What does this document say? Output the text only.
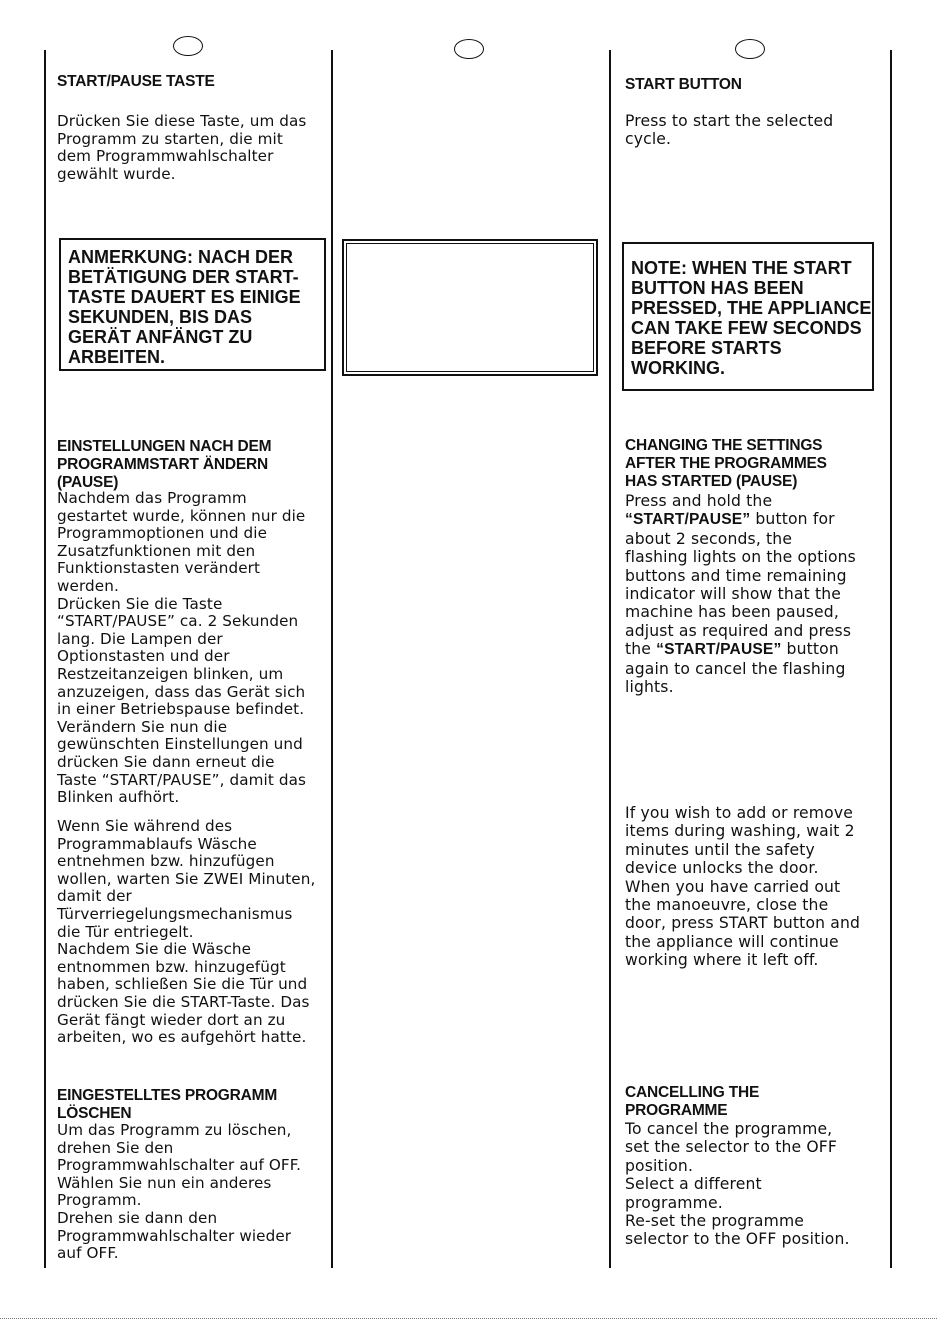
START/PAUSE TASTE
Drücken Sie diese Taste, um das
Programm zu starten, die mit
dem Programmwahlschalter
gewählt wurde.
ANMERKUNG: NACH DER
BETÄTIGUNG DER START-
TASTE DAUERT ES EINIGE
SEKUNDEN, BIS DAS
GERÄT ANFÄNGT ZU
ARBEITEN.
EINSTELLUNGEN NACH DEM
PROGRAMMSTART ÄNDERN
(PAUSE)
Nachdem das Programm
gestartet wurde, können nur die
Programmoptionen und die
Zusatzfunktionen mit den
Funktionstasten verändert
werden.
Drücken Sie die Taste
“START/PAUSE” ca. 2 Sekunden
lang. Die Lampen der
Optionstasten und der
Restzeitanzeigen blinken, um
anzuzeigen, dass das Gerät sich
in einer Betriebspause befindet.
Verändern Sie nun die
gewünschten Einstellungen und
drücken Sie dann erneut die
Taste “START/PAUSE”, damit das
Blinken aufhört.
Wenn Sie während des
Programmablaufs Wäsche
entnehmen bzw. hinzufügen
wollen, warten Sie ZWEI Minuten,
damit der
Türverriegelungsmechanismus
die Tür entriegelt.
Nachdem Sie die Wäsche
entnommen bzw. hinzugefügt
haben, schließen Sie die Tür und
drücken Sie die START-Taste. Das
Gerät fängt wieder dort an zu
arbeiten, wo es aufgehört hatte.
EINGESTELLTES PROGRAMM
LÖSCHEN
Um das Programm zu löschen,
drehen Sie den
Programmwahlschalter auf OFF.
Wählen Sie nun ein anderes
Programm.
Drehen sie dann den
Programmwahlschalter wieder
auf OFF.
START BUTTON
Press to start the selected
cycle.
NOTE: WHEN THE START
BUTTON HAS BEEN
PRESSED, THE APPLIANCE
CAN TAKE FEW SECONDS
BEFORE STARTS
WORKING.
CHANGING THE SETTINGS
AFTER THE PROGRAMMES
HAS STARTED (PAUSE)
Press and hold the
“START/PAUSE” button for
about 2 seconds, the
flashing lights on the options
buttons and time remaining
indicator will show that the
machine has been paused,
adjust as required and press
the “START/PAUSE” button
again to cancel the flashing
lights.
If you wish to add or remove
items during washing, wait 2
minutes until the safety
device unlocks the door.
When you have carried out
the manoeuvre, close the
door, press START button and
the appliance will continue
working where it left off.
CANCELLING THE
PROGRAMME
To cancel the programme,
set the selector to the OFF
position.
Select a different
programme.
Re-set the programme
selector to the OFF position.
